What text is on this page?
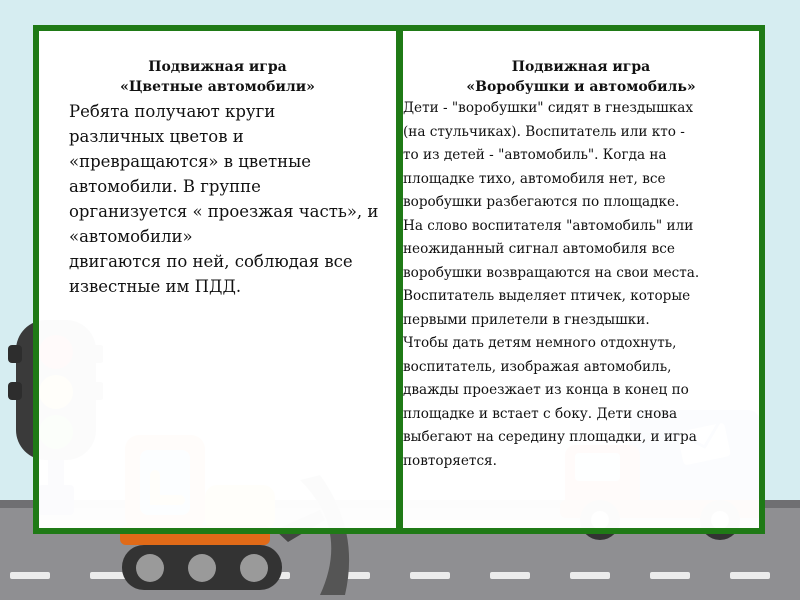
Подвижная игра
«Цветные автомобили»
Ребята получают круги
различных цветов и
«превращаются» в цветные
автомобили. В группе
организуется « проезжая часть», и
«автомобили»
двигаются по ней, соблюдая все
известные им ПДД.
Подвижная игра
«Воробушки и автомобиль»
Дети - "воробушки" сидят в гнездышках
(на стульчиках). Воспитатель или кто -
то из детей - "автомобиль". Когда на
площадке тихо, автомобиля нет, все
воробушки разбегаются по площадке.
На слово воспитателя "автомобиль" или
неожиданный сигнал автомобиля все
воробушки возвращаются на свои места.
Воспитатель выделяет птичек, которые
первыми прилетели в гнездышки.
Чтобы дать детям немного отдохнуть,
воспитатель, изображая автомобиль,
дважды проезжает из конца в конец по
площадке и встает с боку. Дети снова
выбегают на середину площадки, и игра
повторяется.
